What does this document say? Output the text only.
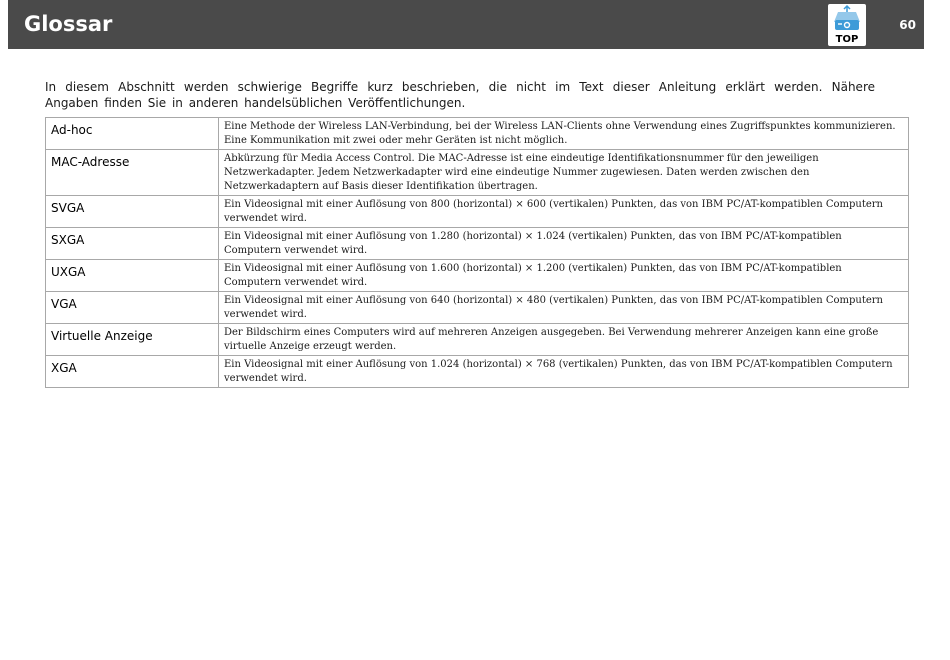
Glossar
TOP
60

In diesem Abschnitt werden schwierige Begriffe kurz beschrieben, die nicht im Text dieser Anleitung erklärt werden. Nähere Angaben finden Sie in anderen handelsüblichen Veröffentlichungen.

Ad-hoc	Eine Methode der Wireless LAN-Verbindung, bei der Wireless LAN-Clients ohne Verwendung eines Zugriffspunktes kommunizieren. Eine Kommunikation mit zwei oder mehr Geräten ist nicht möglich.
MAC-Adresse	Abkürzung für Media Access Control. Die MAC-Adresse ist eine eindeutige Identifikationsnummer für den jeweiligen Netzwerkadapter. Jedem Netzwerkadapter wird eine eindeutige Nummer zugewiesen. Daten werden zwischen den Netzwerkadaptern auf Basis dieser Identifikation übertragen.
SVGA	Ein Videosignal mit einer Auflösung von 800 (horizontal) × 600 (vertikalen) Punkten, das von IBM PC/AT-kompatiblen Computern verwendet wird.
SXGA	Ein Videosignal mit einer Auflösung von 1.280 (horizontal) × 1.024 (vertikalen) Punkten, das von IBM PC/AT-kompatiblen Computern verwendet wird.
UXGA	Ein Videosignal mit einer Auflösung von 1.600 (horizontal) × 1.200 (vertikalen) Punkten, das von IBM PC/AT-kompatiblen Computern verwendet wird.
VGA	Ein Videosignal mit einer Auflösung von 640 (horizontal) × 480 (vertikalen) Punkten, das von IBM PC/AT-kompatiblen Computern verwendet wird.
Virtuelle Anzeige	Der Bildschirm eines Computers wird auf mehreren Anzeigen ausgegeben. Bei Verwendung mehrerer Anzeigen kann eine große virtuelle Anzeige erzeugt werden.
XGA	Ein Videosignal mit einer Auflösung von 1.024 (horizontal) × 768 (vertikalen) Punkten, das von IBM PC/AT-kompatiblen Computern verwendet wird.
